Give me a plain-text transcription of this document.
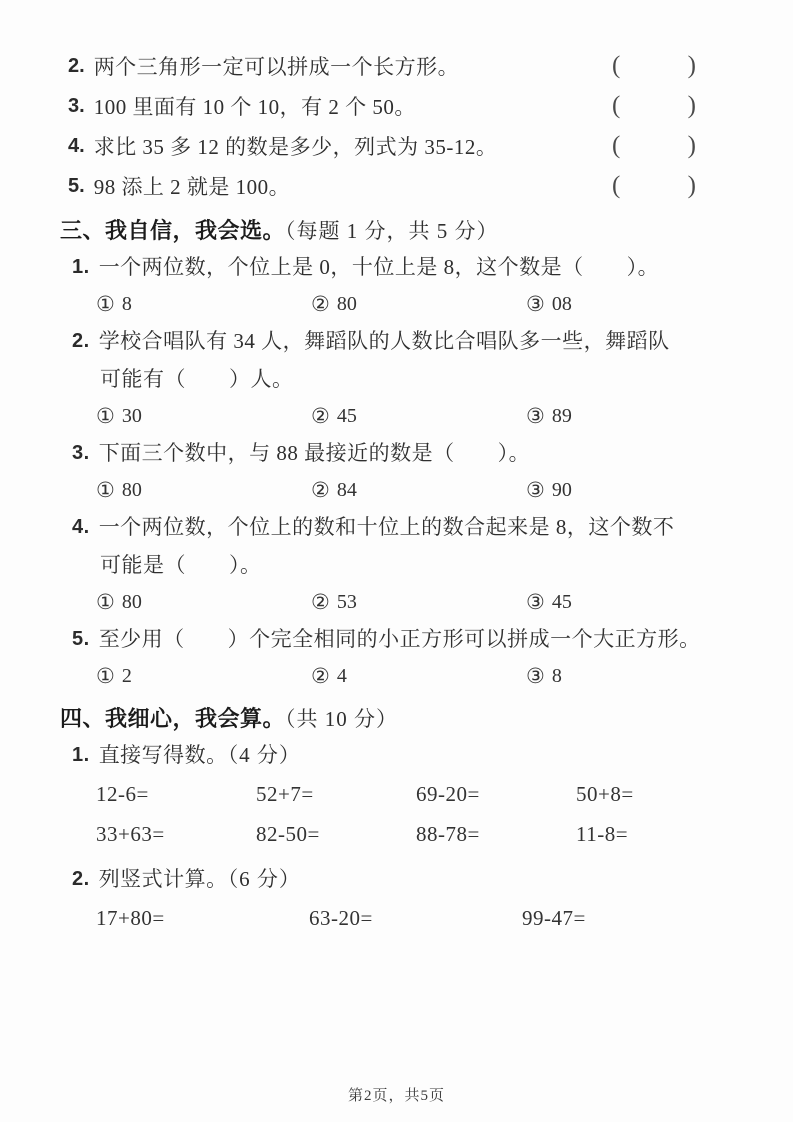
2. 两个三角形一定可以拼成一个长方形。	(	)
3. 100 里面有 10 个 10，有 2 个 50。	(	)
4. 求比 35 多 12 的数是多少，列式为 35-12。	(	)
5. 98 添上 2 就是 100。	(	)
三、我自信，我会选。（每题 1 分，共 5 分）
1. 一个两位数，个位上是 0，十位上是 8，这个数是（　　）。
① 8	② 80	③ 08
2. 学校合唱队有 34 人，舞蹈队的人数比合唱队多一些，舞蹈队
可能有（　　）人。
① 30	② 45	③ 89
3. 下面三个数中，与 88 最接近的数是（　　）。
① 80	② 84	③ 90
4. 一个两位数，个位上的数和十位上的数合起来是 8，这个数不
可能是（　　）。
① 80	② 53	③ 45
5. 至少用（　　）个完全相同的小正方形可以拼成一个大正方形。
① 2	② 4	③ 8
四、我细心，我会算。（共 10 分）
1. 直接写得数。（4 分）
12-6=	52+7=	69-20=	50+8=
33+63=	82-50=	88-78=	11-8=
2. 列竖式计算。（6 分）
17+80=	63-20=	99-47=
第2页，共5页
